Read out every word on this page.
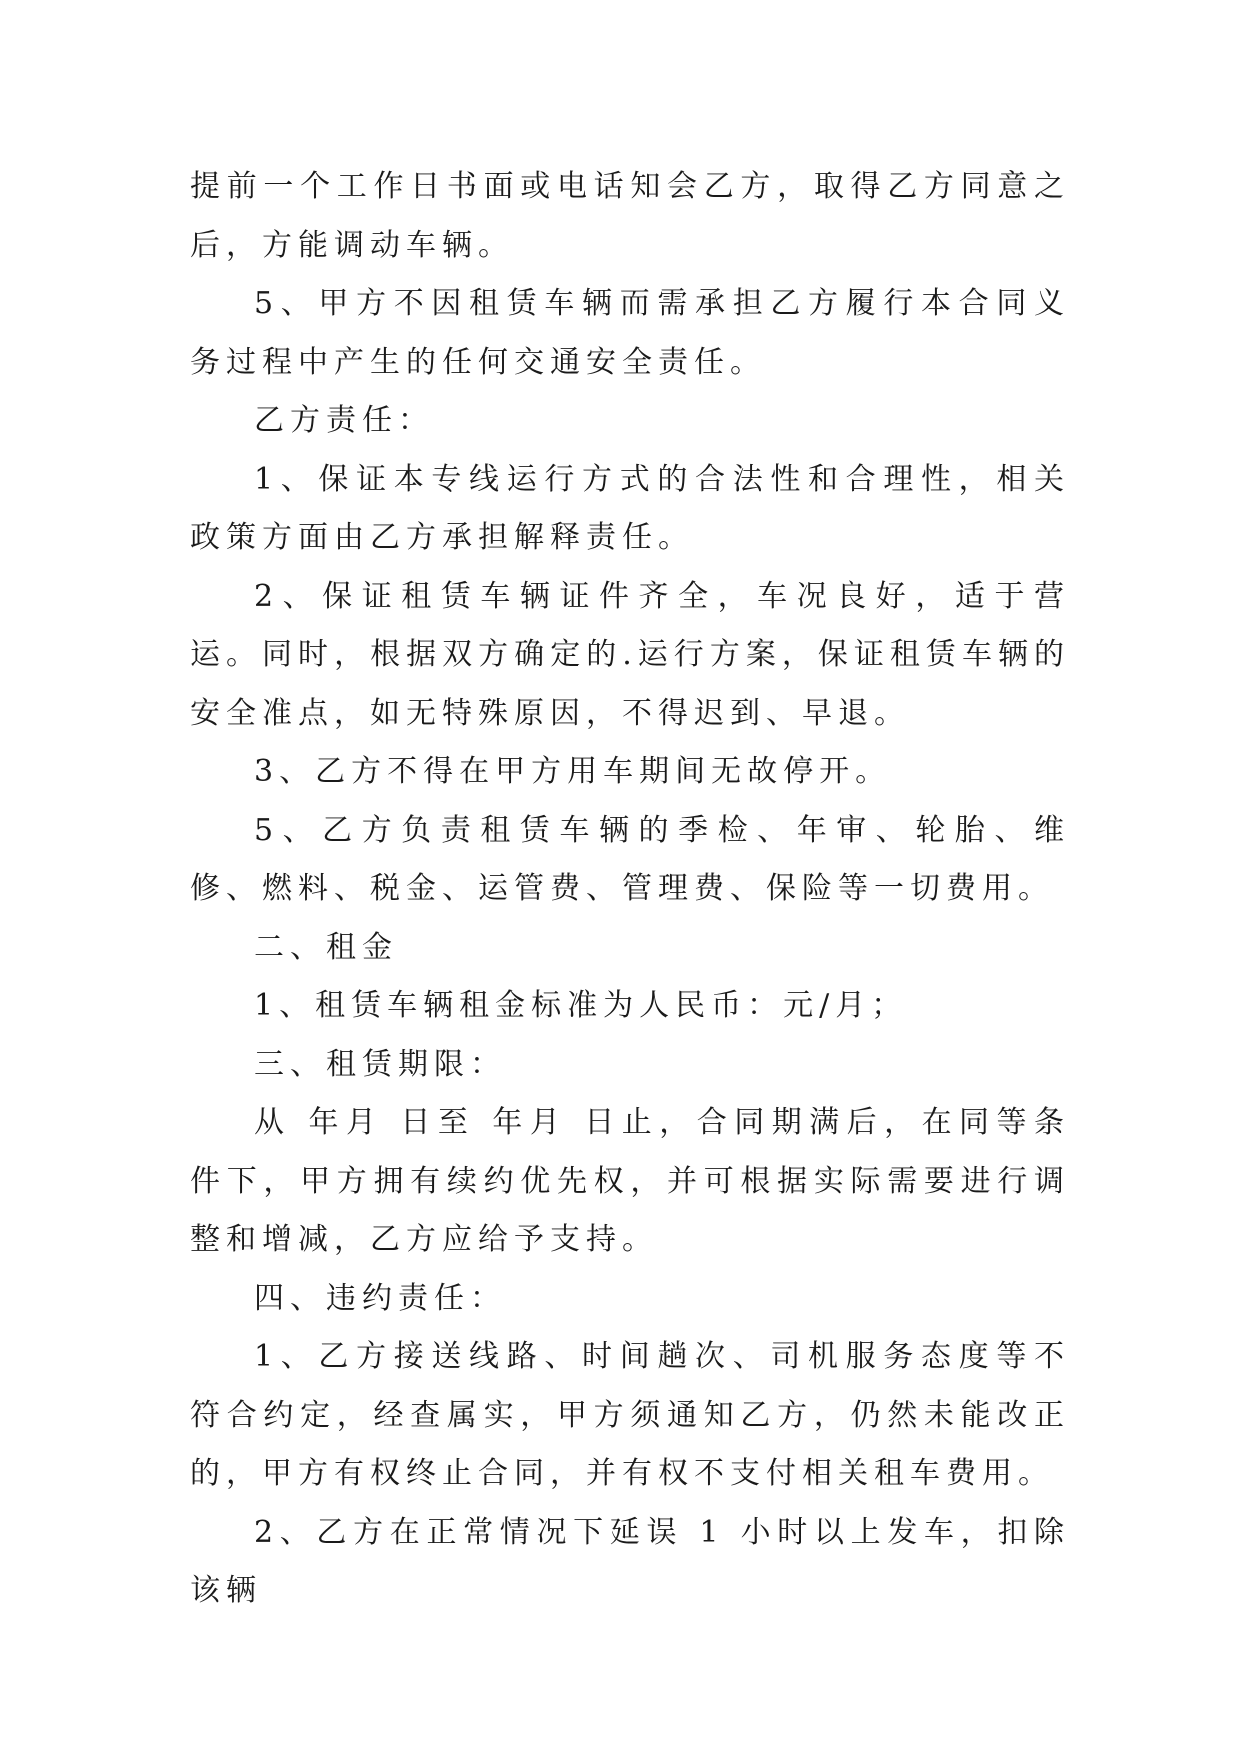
提前一个工作日书面或电话知会乙方，取得乙方同意之后，方能调动车辆。

5、甲方不因租赁车辆而需承担乙方履行本合同义务过程中产生的任何交通安全责任。

乙方责任：

1、保证本专线运行方式的合法性和合理性，相关政策方面由乙方承担解释责任。

2、保证租赁车辆证件齐全，车况良好，适于营运。同时，根据双方确定的.运行方案，保证租赁车辆的安全准点，如无特殊原因，不得迟到、早退。

3、乙方不得在甲方用车期间无故停开。

5、乙方负责租赁车辆的季检、年审、轮胎、维修、燃料、税金、运管费、管理费、保险等一切费用。

二、租金

1、租赁车辆租金标准为人民币：元/月；

三、租赁期限：

从 年月 日至 年月 日止，合同期满后，在同等条件下，甲方拥有续约优先权，并可根据实际需要进行调整和增减，乙方应给予支持。

四、违约责任：

1、乙方接送线路、时间趟次、司机服务态度等不符合约定，经查属实，甲方须通知乙方，仍然未能改正的，甲方有权终止合同，并有权不支付相关租车费用。

2、乙方在正常情况下延误 1 小时以上发车，扣除该辆
